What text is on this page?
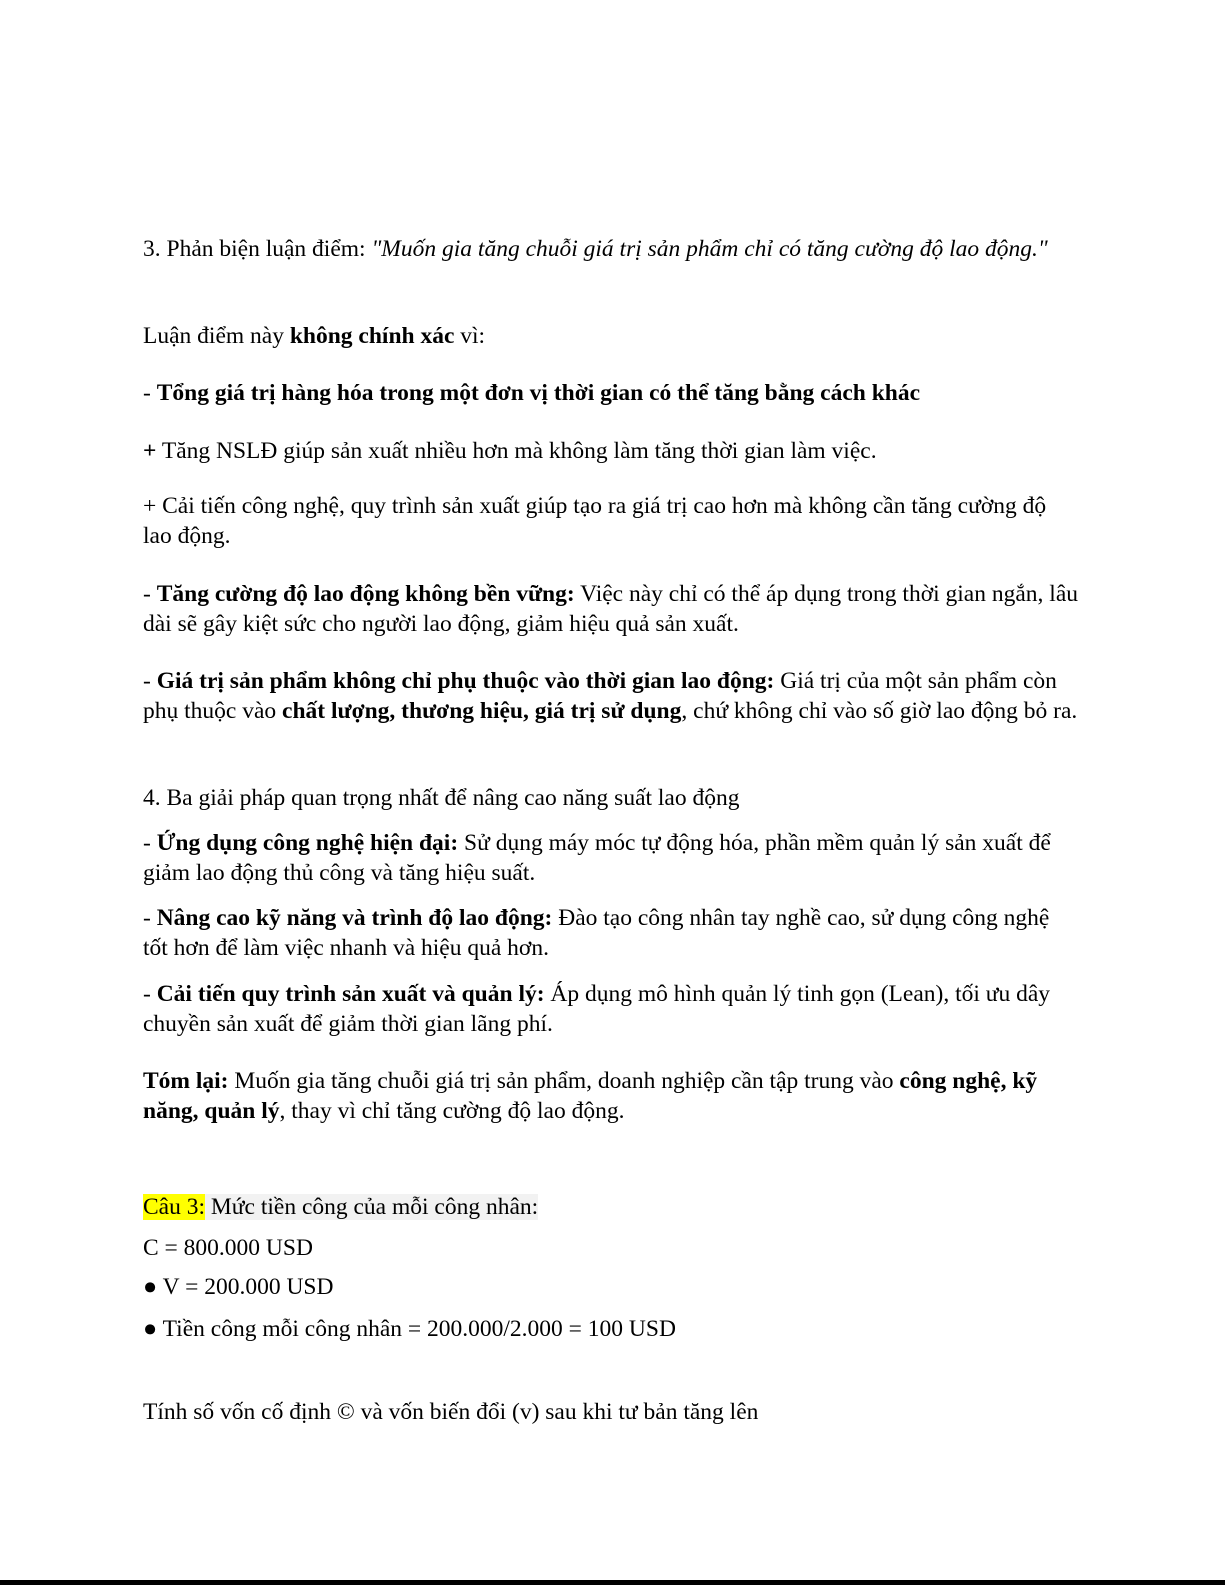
3. Phản biện luận điểm: "Muốn gia tăng chuỗi giá trị sản phẩm chỉ có tăng cường độ lao động."

Luận điểm này không chính xác vì:

- Tổng giá trị hàng hóa trong một đơn vị thời gian có thể tăng bằng cách khác

+ Tăng NSLĐ giúp sản xuất nhiều hơn mà không làm tăng thời gian làm việc.

+ Cải tiến công nghệ, quy trình sản xuất giúp tạo ra giá trị cao hơn mà không cần tăng cường độ lao động.

- Tăng cường độ lao động không bền vững: Việc này chỉ có thể áp dụng trong thời gian ngắn, lâu dài sẽ gây kiệt sức cho người lao động, giảm hiệu quả sản xuất.

- Giá trị sản phẩm không chỉ phụ thuộc vào thời gian lao động: Giá trị của một sản phẩm còn phụ thuộc vào chất lượng, thương hiệu, giá trị sử dụng, chứ không chỉ vào số giờ lao động bỏ ra.

4. Ba giải pháp quan trọng nhất để nâng cao năng suất lao động

- Ứng dụng công nghệ hiện đại: Sử dụng máy móc tự động hóa, phần mềm quản lý sản xuất để giảm lao động thủ công và tăng hiệu suất.

- Nâng cao kỹ năng và trình độ lao động: Đào tạo công nhân tay nghề cao, sử dụng công nghệ tốt hơn để làm việc nhanh và hiệu quả hơn.

- Cải tiến quy trình sản xuất và quản lý: Áp dụng mô hình quản lý tinh gọn (Lean), tối ưu dây chuyền sản xuất để giảm thời gian lãng phí.

Tóm lại: Muốn gia tăng chuỗi giá trị sản phẩm, doanh nghiệp cần tập trung vào công nghệ, kỹ năng, quản lý, thay vì chỉ tăng cường độ lao động.

Câu 3: Mức tiền công của mỗi công nhân:

C = 800.000 USD

● V = 200.000 USD

● Tiền công mỗi công nhân = 200.000/2.000 = 100 USD

Tính số vốn cố định © và vốn biến đổi (v) sau khi tư bản tăng lên
